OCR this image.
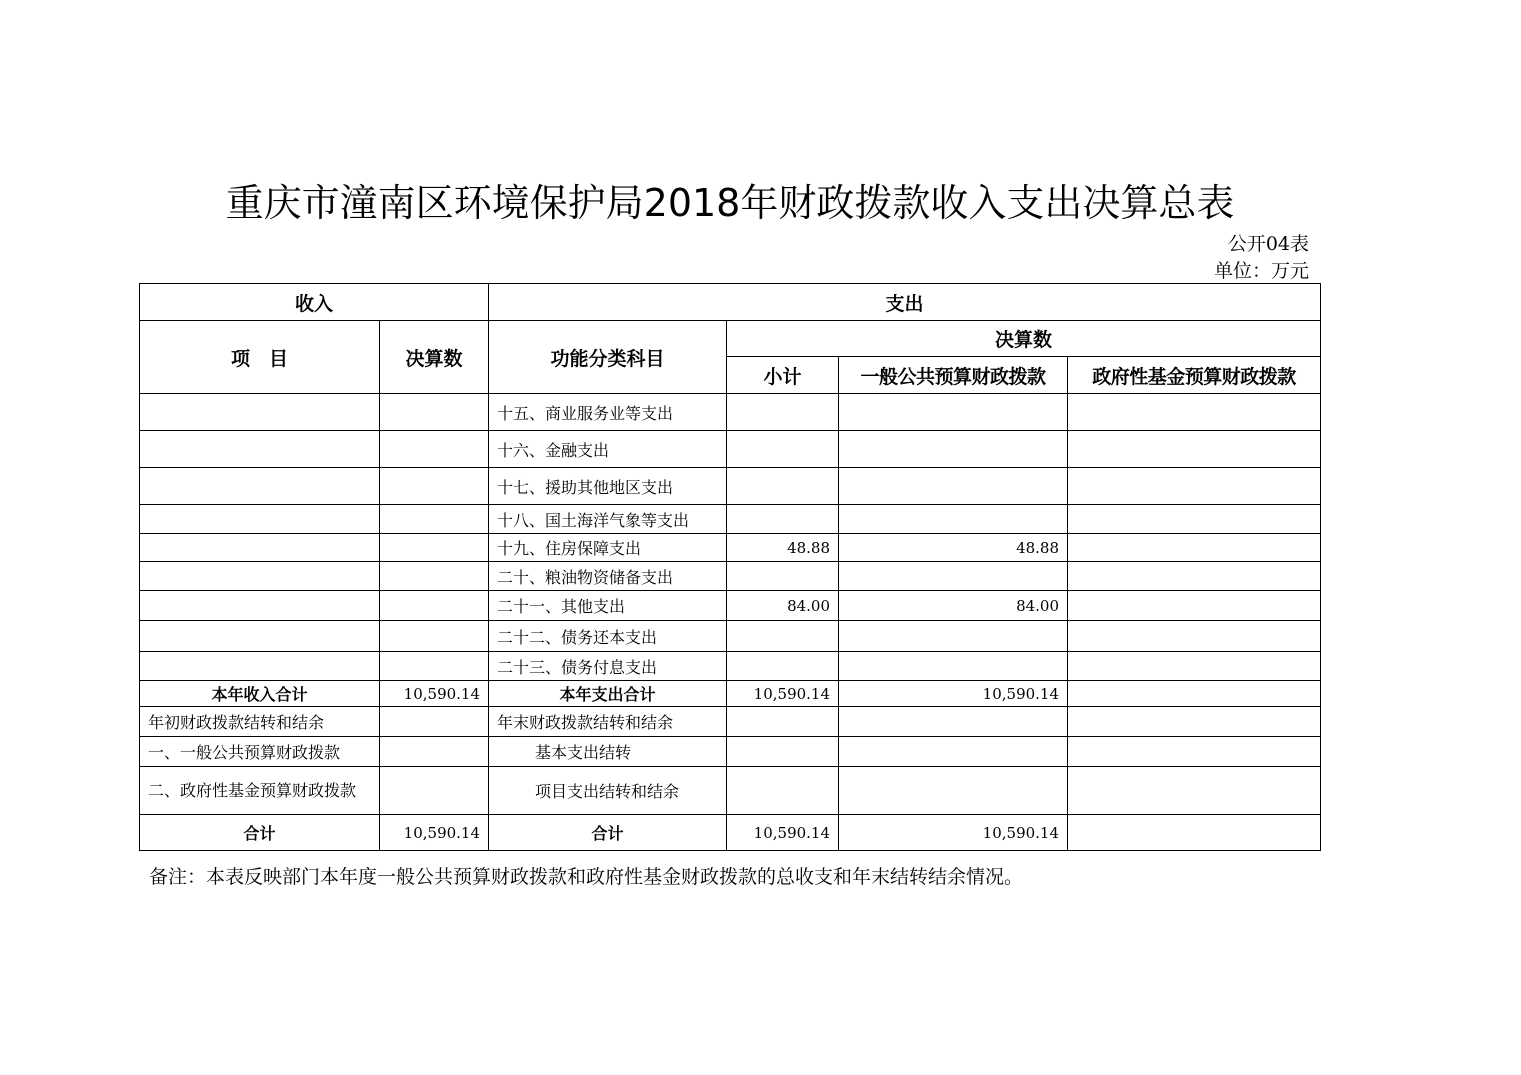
重庆市潼南区环境保护局2018年财政拨款收入支出决算总表
公开04表
单位：万元
收入		支出			
项　目	决算数	功能分类科目	决算数		
			小计	一般公共预算财政拨款	政府性基金预算财政拨款
		十五、商业服务业等支出			
		十六、金融支出			
		十七、援助其他地区支出			
		十八、国土海洋气象等支出			
		十九、住房保障支出	48.88	48.88	
		二十、粮油物资储备支出			
		二十一、其他支出	84.00	84.00	
		二十二、债务还本支出			
		二十三、债务付息支出			
本年收入合计	10,590.14	本年支出合计	10,590.14	10,590.14	
年初财政拨款结转和结余		年末财政拨款结转和结余			
一、一般公共预算财政拨款		基本支出结转			
二、政府性基金预算财政拨款		项目支出结转和结余			
合计	10,590.14	合计	10,590.14	10,590.14	
备注：本表反映部门本年度一般公共预算财政拨款和政府性基金财政拨款的总收支和年末结转结余情况。
